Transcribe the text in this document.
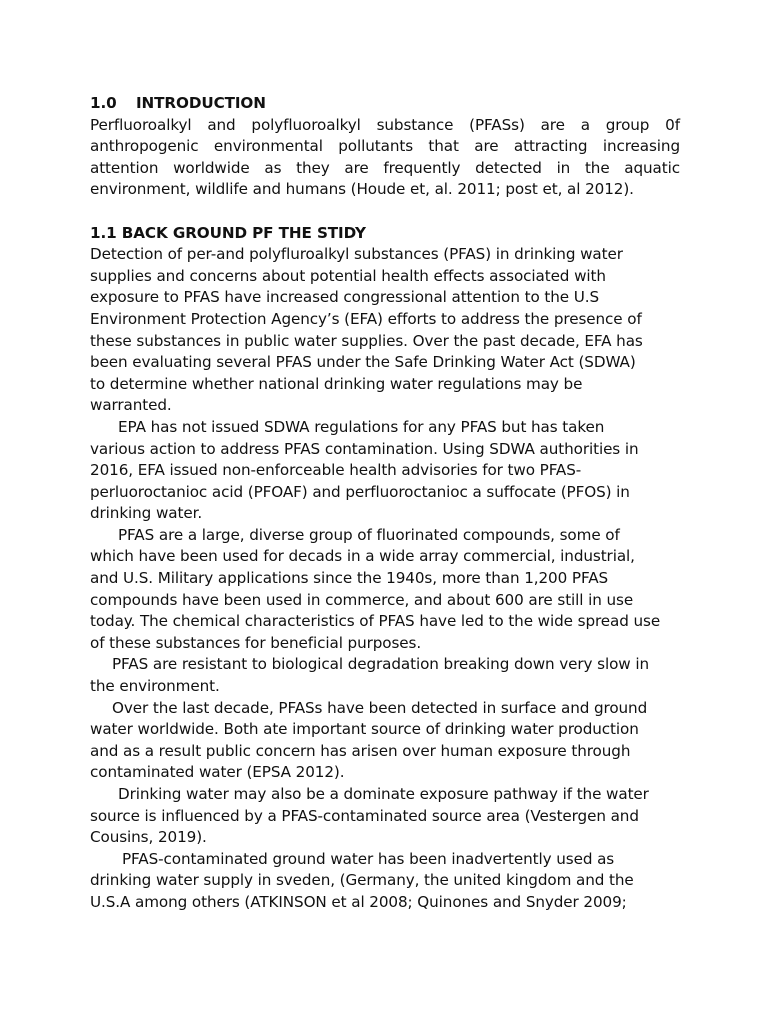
1.0 INTRODUCTION

Perfluoroalkyl and polyfluoroalkyl substance (PFASs) are a group 0f anthropogenic environmental pollutants that are attracting increasing attention worldwide as they are frequently detected in the aquatic environment, wildlife and humans (Houde et, al. 2011; post et, al 2012).

1.1 BACK GROUND PF THE STIDY

Detection of per-and polyfluroalkyl substances (PFAS) in drinking water supplies and concerns about potential health effects associated with exposure to PFAS have increased congressional attention to the U.S Environment Protection Agency’s (EFA) efforts to address the presence of these substances in public water supplies. Over the past decade, EFA has been evaluating several PFAS under the Safe Drinking Water Act (SDWA) to determine whether national drinking water regulations may be warranted.

EPA has not issued SDWA regulations for any PFAS but has taken various action to address PFAS contamination. Using SDWA authorities in 2016, EFA issued non-enforceable health advisories for two PFAS- perluoroctanioc acid (PFOAF) and perfluoroctanioc a suffocate (PFOS) in drinking water.

PFAS are a large, diverse group of fluorinated compounds, some of which have been used for decads in a wide array commercial, industrial, and U.S. Military applications since the 1940s, more than 1,200 PFAS compounds have been used in commerce, and about 600 are still in use today. The chemical characteristics of PFAS have led to the wide spread use of these substances for beneficial purposes.

PFAS are resistant to biological degradation breaking down very slow in the environment.

Over the last decade, PFASs have been detected in surface and ground water worldwide. Both ate important source of drinking water production and as a result public concern has arisen over human exposure through contaminated water (EPSA 2012).

Drinking water may also be a dominate exposure pathway if the water source is influenced by a PFAS-contaminated source area (Vestergen and Cousins, 2019).

PFAS-contaminated ground water has been inadvertently used as drinking water supply in sveden, (Germany, the united kingdom and the U.S.A among others (ATKINSON et al 2008; Quinones and Snyder 2009;
